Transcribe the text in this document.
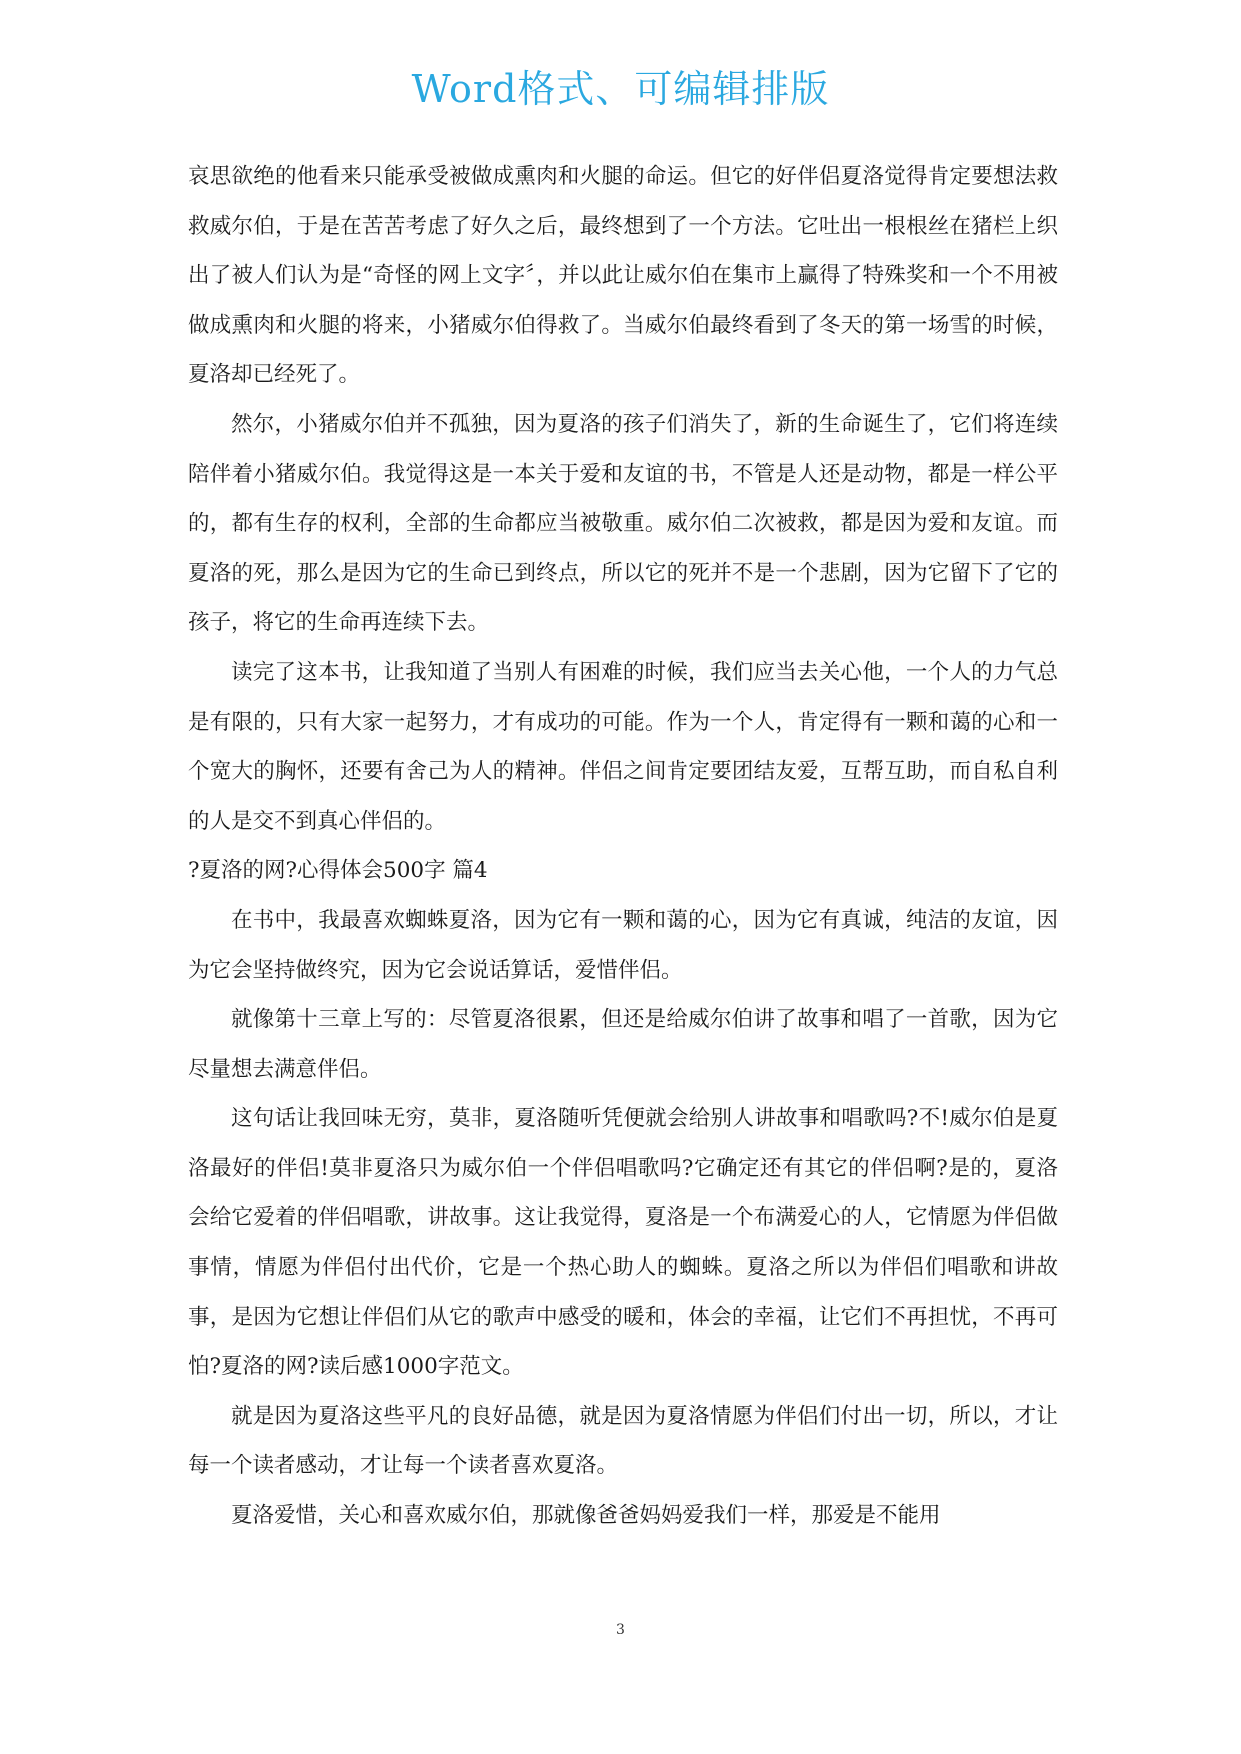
Word格式、可编辑排版

哀思欲绝的他看来只能承受被做成熏肉和火腿的命运。但它的好伴侣夏洛觉得肯定要想法救救威尔伯，于是在苦苦考虑了好久之后，最终想到了一个方法。它吐出一根根丝在猪栏上织出了被人们认为是“奇怪的网上文字〞，并以此让威尔伯在集市上赢得了特殊奖和一个不用被做成熏肉和火腿的将来，小猪威尔伯得救了。当威尔伯最终看到了冬天的第一场雪的时候，夏洛却已经死了。

然尔，小猪威尔伯并不孤独，因为夏洛的孩子们消失了，新的生命诞生了，它们将连续陪伴着小猪威尔伯。我觉得这是一本关于爱和友谊的书，不管是人还是动物，都是一样公平的，都有生存的权利，全部的生命都应当被敬重。威尔伯二次被救，都是因为爱和友谊。而夏洛的死，那么是因为它的生命已到终点，所以它的死并不是一个悲剧，因为它留下了它的孩子，将它的生命再连续下去。

读完了这本书，让我知道了当别人有困难的时候，我们应当去关心他，一个人的力气总是有限的，只有大家一起努力，才有成功的可能。作为一个人，肯定得有一颗和蔼的心和一个宽大的胸怀，还要有舍己为人的精神。伴侣之间肯定要团结友爱，互帮互助，而自私自利的人是交不到真心伴侣的。

?夏洛的网?心得体会500字 篇4

在书中，我最喜欢蜘蛛夏洛，因为它有一颗和蔼的心，因为它有真诚，纯洁的友谊，因为它会坚持做终究，因为它会说话算话，爱惜伴侣。

就像第十三章上写的：尽管夏洛很累，但还是给威尔伯讲了故事和唱了一首歌，因为它尽量想去满意伴侣。

这句话让我回味无穷，莫非，夏洛随听凭便就会给别人讲故事和唱歌吗?不!威尔伯是夏洛最好的伴侣!莫非夏洛只为威尔伯一个伴侣唱歌吗?它确定还有其它的伴侣啊?是的，夏洛会给它爱着的伴侣唱歌，讲故事。这让我觉得，夏洛是一个布满爱心的人，它情愿为伴侣做事情，情愿为伴侣付出代价，它是一个热心助人的蜘蛛。夏洛之所以为伴侣们唱歌和讲故事，是因为它想让伴侣们从它的歌声中感受的暖和，体会的幸福，让它们不再担忧，不再可怕?夏洛的网?读后感1000字范文。

就是因为夏洛这些平凡的良好品德，就是因为夏洛情愿为伴侣们付出一切，所以，才让每一个读者感动，才让每一个读者喜欢夏洛。

夏洛爱惜，关心和喜欢威尔伯，那就像爸爸妈妈爱我们一样，那爱是不能用

3
